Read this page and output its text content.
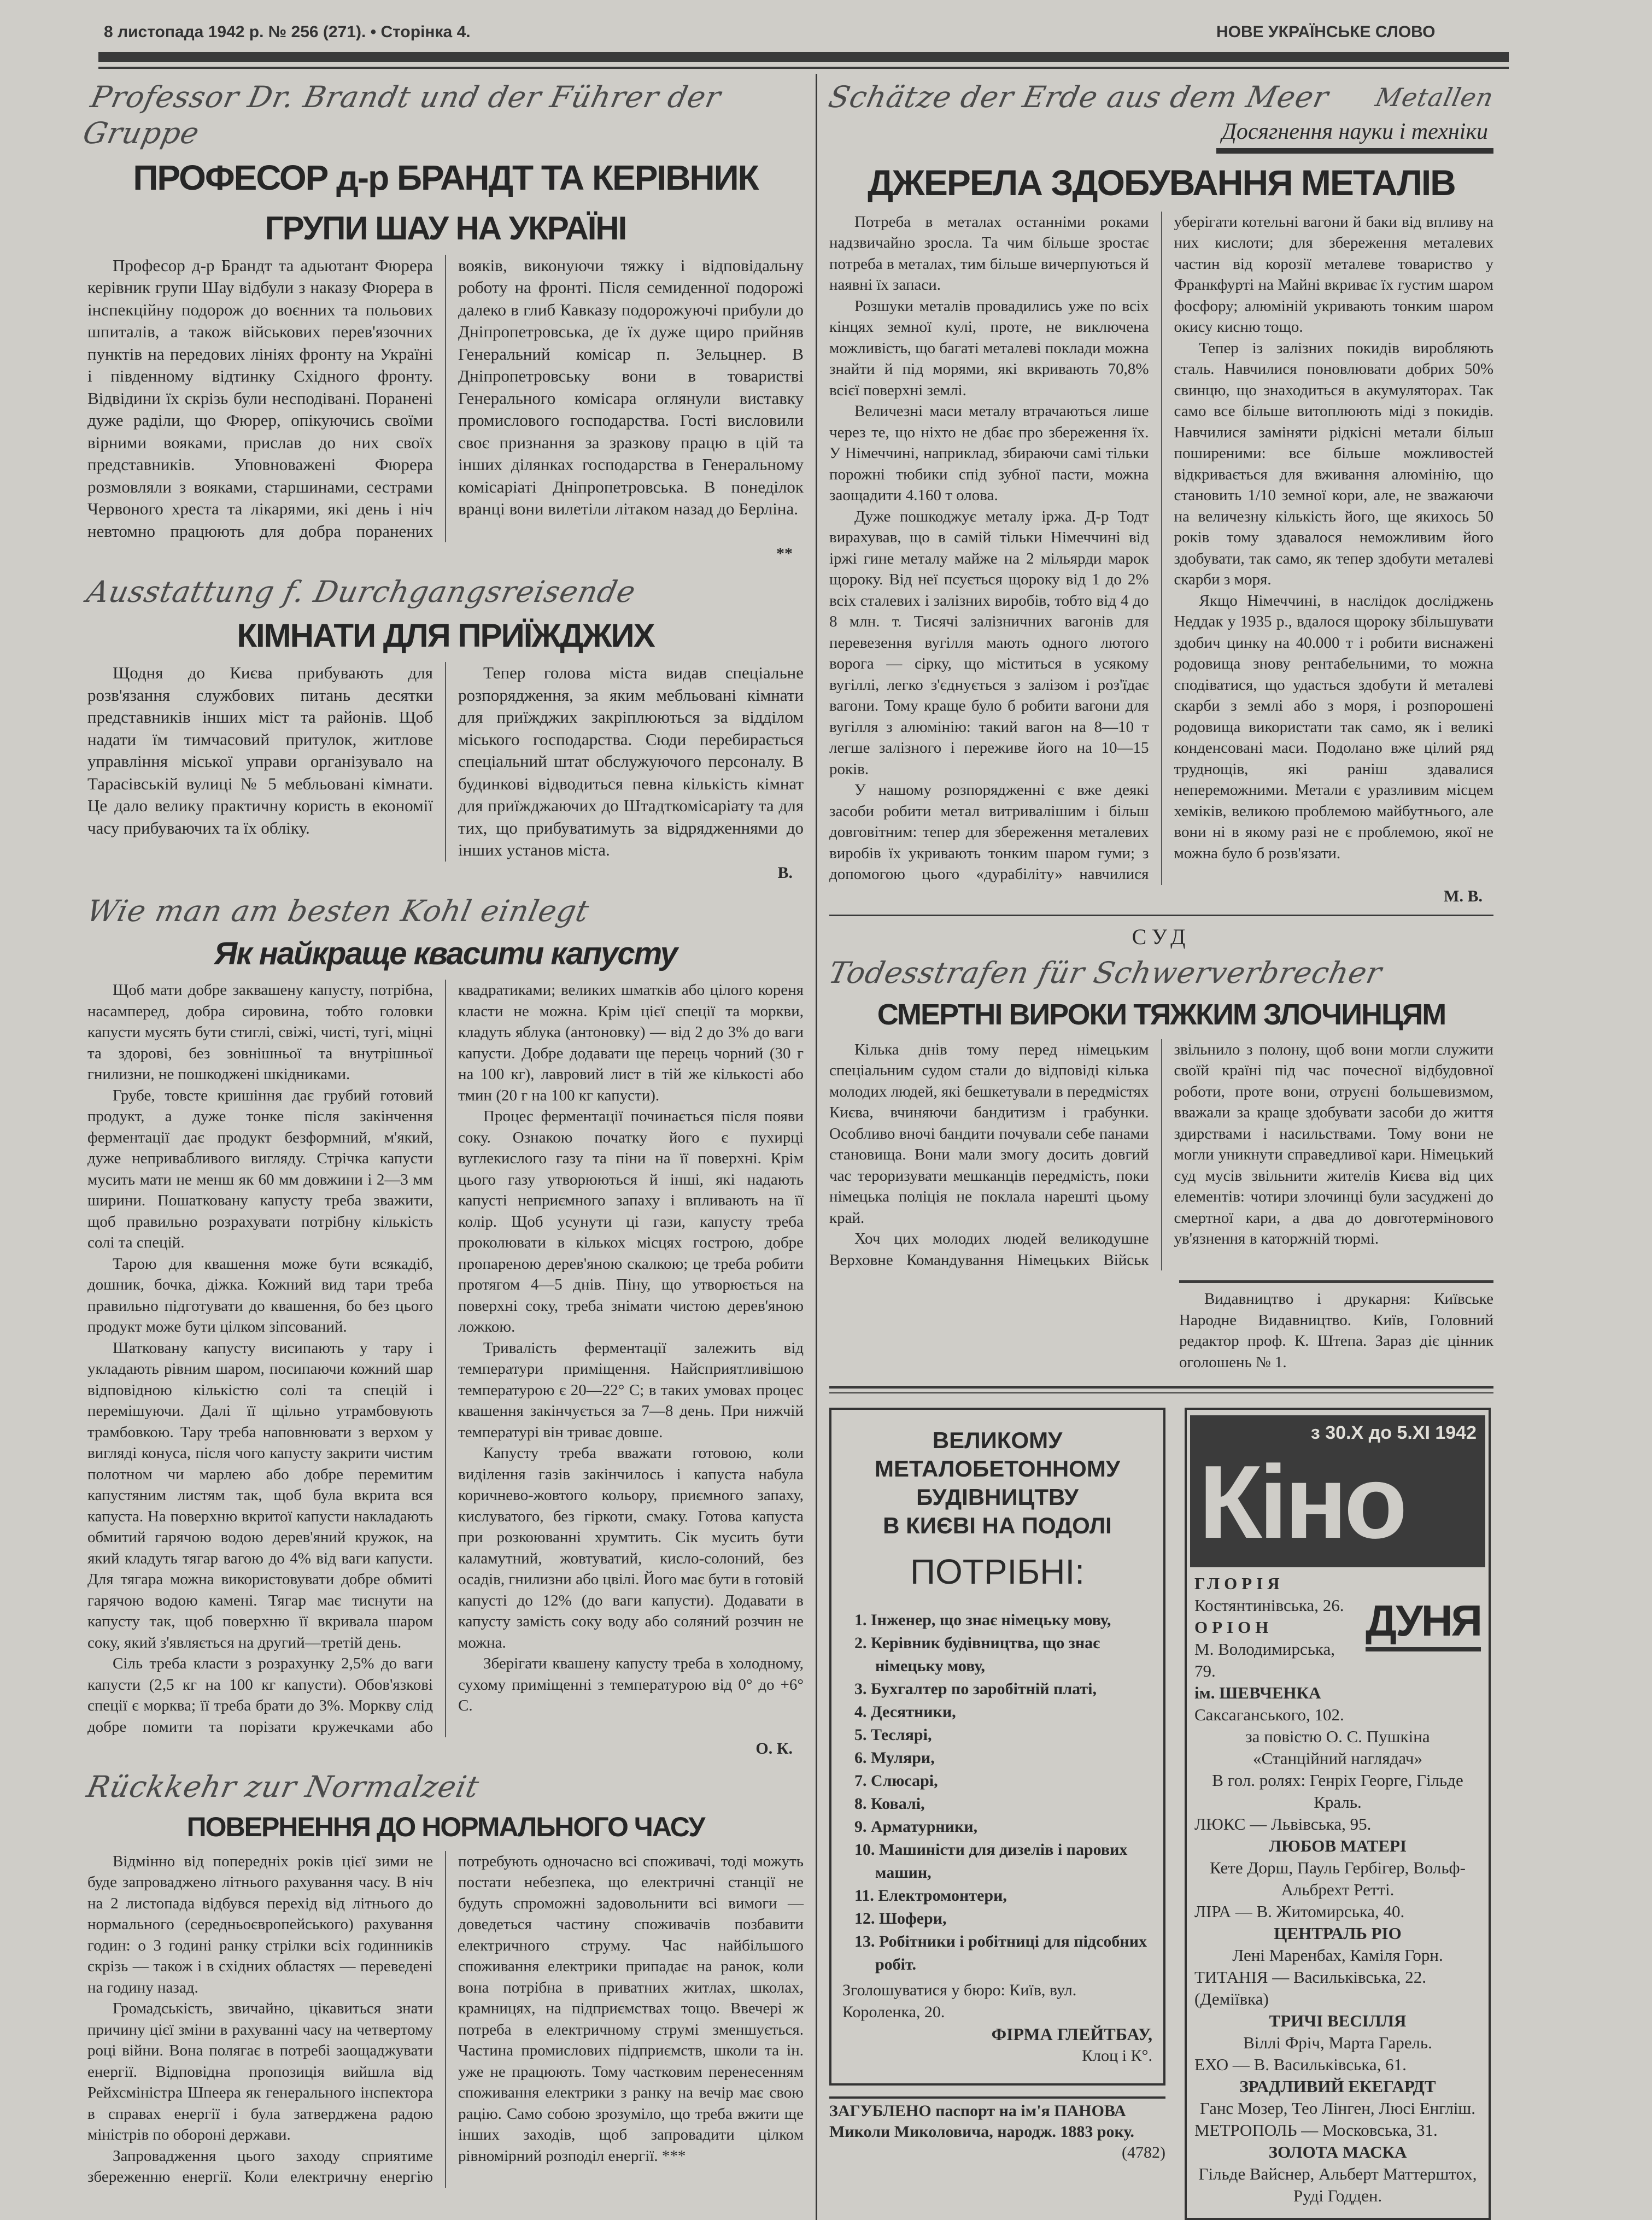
8 листопада 1942 р. № 256 (271). • Сторінка 4.	НОВЕ УКРАЇНСЬКЕ СЛОВО
Professor Dr. Brandt und der Führer der Gruppe
ПРОФЕСОР д-р БРАНДТ ТА КЕРІВНИК
ГРУПИ ШАУ НА УКРАЇНІ

Професор д-р Брандт та адьютант Фюрера керівник групи Шау відбули з наказу Фюрера в інспекційну подорож до воєнних та польових шпиталів, а також військових перев'язочних пунктів на передових лініях фронту на Україні і південному відтинку Східного фронту. Відвідини їх скрізь були несподівані. Поранені дуже раділи, що Фюрер, опікуючись своїми вірними вояками, прислав до них своїх представників. Уповноважені Фюрера розмовляли з вояками, старшинами, сестрами Червоного хреста та лікарями, які день і ніч невтомно працюють для добра поранених вояків, виконуючи тяжку і відповідальну роботу на фронті. Після семиденної подорожі далеко в глиб Кавказу подорожуючі прибули до Дніпропетровська, де їх дуже щиро прийняв Генеральний комісар п. Зельцнер. В Дніпропетровську вони в товаристві Генерального комісара оглянули виставку промислового господарства. Гості висловили своє признання за зразкову працю в цій та інших ділянках господарства в Генеральному комісаріаті Дніпропетровська. В понеділок вранці вони вилетіли літаком назад до Берліна.

**
Ausstattung f. Durchgangsreisende
КІМНАТИ ДЛЯ ПРИЇЖДЖИХ

Щодня до Києва прибувають для розв'язання службових питань десятки представників інших міст та районів. Щоб надати їм тимчасовий притулок, житлове управління міської управи організувало на Тарасівській вулиці № 5 мебльовані кімнати. Це дало велику практичну користь в економії часу прибуваючих та їх обліку.

Тепер голова міста видав спеціальне розпорядження, за яким мебльовані кімнати для приїжджих закріплюються за відділом міського господарства. Сюди перебирається спеціальний штат обслужуючого персоналу. В будинкові відводиться певна кількість кімнат для приїжджаючих до Штадткомісаріату та для тих, що прибуватимуть за відрядженнями до інших установ міста.

В.
Wie man am besten Kohl einlegt
Як найкраще квасити капусту

Щоб мати добре заквашену капусту, потрібна, насамперед, добра сировина, тобто головки капусти мусять бути стиглі, свіжі, чисті, тугі, міцні та здорові, без зовнішньої та внутрішньої гнилизни, не пошкоджені шкідниками.

Грубе, товсте кришіння дає грубий готовий продукт, а дуже тонке після закінчення ферментації дає продукт безформний, м'який, дуже непривабливого вигляду. Стрічка капусти мусить мати не менш як 60 мм довжини і 2—3 мм ширини. Пошатковану капусту треба зважити, щоб правильно розрахувати потрібну кількість солі та спецій.

Тарою для квашення може бути всякадіб, дошник, бочка, діжка. Кожний вид тари треба правильно підготувати до квашення, бо без цього продукт може бути цілком зіпсований.

Шатковану капусту висипають у тару і укладають рівним шаром, посипаючи кожний шар відповідною кількістю солі та спецій і перемішуючи. Далі її щільно утрамбовують трамбовкою. Тару треба наповнювати з верхом у вигляді конуса, після чого капусту закрити чистим полотном чи марлею або добре перемитим капустяним листям так, щоб була вкрита вся капуста. На поверхню вкритої капусти накладають обмитий гарячою водою дерев'яний кружок, на який кладуть тягар вагою до 4% від ваги капусти. Для тягара можна використовувати добре обмиті гарячою водою камені. Тягар має тиснути на капусту так, щоб поверхню її вкривала шаром соку, який з'являється на другий—третій день.

Сіль треба класти з розрахунку 2,5% до ваги капусти (2,5 кг на 100 кг капусти). Обов'язкові спеції є морква; її треба брати до 3%. Моркву слід добре помити та порізати кружечками або квадратиками; великих шматків або цілого кореня класти не можна. Крім цієї спеції та моркви, кладуть яблука (антоновку) — від 2 до 3% до ваги капусти. Добре додавати ще перець чорний (30 г на 100 кг), лавровий лист в тій же кількості або тмин (20 г на 100 кг капусти).

Процес ферментації починається після появи соку. Ознакою початку його є пухирці вуглекислого газу та піни на її поверхні. Крім цього газу утворюються й інші, які надають капусті неприємного запаху і впливають на її колір. Щоб усунути ці гази, капусту треба проколювати в кількох місцях гострою, добре пропареною дерев'яною скалкою; це треба робити протягом 4—5 днів. Піну, що утворюється на поверхні соку, треба знімати чистою дерев'яною ложкою.

Тривалість ферментації залежить від температури приміщення. Найсприятливішою температурою є 20—22° С; в таких умовах процес квашення закінчується за 7—8 день. При нижчій температурі він триває довше.

Капусту треба вважати готовою, коли виділення газів закінчилось і капуста набула коричнево-жовтого кольору, приємного запаху, кислуватого, без гіркоти, смаку. Готова капуста при розкоюванні хрумтить. Сік мусить бути каламутний, жовтуватий, кисло-солоний, без осадів, гнилизни або цвілі. Його має бути в готовій капусті до 12% (до ваги капусти). Додавати в капусту замість соку воду або соляний розчин не можна.

Зберігати квашену капусту треба в холодному, сухому приміщенні з температурою від 0° до +6° С.

О. К.
Rückkehr zur Normalzeit
ПОВЕРНЕННЯ ДО НОРМАЛЬНОГО ЧАСУ

Відмінно від попередніх років цієї зими не буде запроваджено літнього рахування часу. В ніч на 2 листопада відбувся перехід від літнього до нормального (середньоєвропейського) рахування годин: о 3 годині ранку стрілки всіх годинників скрізь — також і в східних областях — переведені на годину назад.

Громадськість, звичайно, цікавиться знати причину цієї зміни в рахуванні часу на четвертому році війни. Вона полягає в потребі заощаджувати енергії. Відповідна пропозиція вийшла від Рейхсміністра Шпеера як генерального інспектора в справах енергії і була затверджена радою міністрів по обороні держави.

Запровадження цього заходу сприятиме збереженню енергії. Коли електричну енергію потребують одночасно всі споживачі, тоді можуть постати небезпека, що електричні станції не будуть спроможні задовольнити всі вимоги — доведеться частину споживачів позбавити електричного струму. Час найбільшого споживання електрики припадає на ранок, коли вона потрібна в приватних житлах, школах, крамницях, на підприємствах тощо. Ввечері ж потреба в електричному струмі зменшується. Частина промислових підприємств, школи та ін. уже не працюють. Тому частковим перенесенням споживання електрики з ранку на вечір має свою рацію. Само собою зрозуміло, що треба вжити ще інших заходів, щоб запровадити цілком рівномірний розподіл енергії. ***

Schätze der Erde aus dem Meer Metallen
Досягнення науки і техніки
ДЖЕРЕЛА ЗДОБУВАННЯ МЕТАЛІВ

Потреба в металах останніми роками надзвичайно зросла. Та чим більше зростає потреба в металах, тим більше вичерпуються й наявні їх запаси.

Розшуки металів провадились уже по всіх кінцях земної кулі, проте, не виключена можливість, що багаті металеві поклади можна знайти й під морями, які вкривають 70,8% всієї поверхні землі.

Величезні маси металу втрачаються лише через те, що ніхто не дбає про збереження їх. У Німеччині, наприклад, збираючи самі тільки порожні тюбики спід зубної пасти, можна заощадити 4.160 т олова.

Дуже пошкоджує металу іржа. Д-р Тодт вирахував, що в самій тільки Німеччині від іржі гине металу майже на 2 мільярди марок щороку. Від неї псується щороку від 1 до 2% всіх сталевих і залізних виробів, тобто від 4 до 8 млн. т. Тисячі залізничних вагонів для перевезення вугілля мають одного лютого ворога — сірку, що міститься в усякому вугіллі, легко з'єднується з залізом і роз'їдає вагони. Тому краще було б робити вагони для вугілля з алюмінію: такий вагон на 8—10 т легше залізного і переживе його на 10—15 років.

У нашому розпорядженні є вже деякі засоби робити метал витривалішим і більш довговітним: тепер для збереження металевих виробів їх укривають тонким шаром гуми; з допомогою цього «дурабіліту» навчилися уберігати котельні вагони й баки від впливу на них кислоти; для збереження металевих частин від корозії металеве товариство у Франкфурті на Майні вкриває їх густим шаром фосфору; алюміній укривають тонким шаром окису кисню тощо.

Тепер із залізних покидів виробляють сталь. Навчилися поновлювати добрих 50% свинцю, що знаходиться в акумуляторах. Так само все більше витоплюють міді з покидів. Навчилися заміняти рідкісні метали більш поширеними: все більше можливостей відкривається для вживання алюмінію, що становить 1/10 земної кори, але, не зважаючи на величезну кількість його, ще якихось 50 років тому здавалося неможливим його здобувати, так само, як тепер здобути металеві скарби з моря.

Якщо Німеччині, в наслідок досліджень Неддак у 1935 р., вдалося щороку збільшувати здобич цинку на 40.000 т і робити виснажені родовища знову рентабельними, то можна сподіватися, що удасться здобути й металеві скарби з землі або з моря, і розпорошені родовища використати так само, як і великі конденсовані маси. Подолано вже цілий ряд труднощів, які раніш здавалися непереможними. Метали є уразливим місцем хеміків, великою проблемою майбутнього, але вони ні в якому разі не є проблемою, якої не можна було б розв'язати.

М. В.
СУД
Todesstrafen für Schwerverbrecher
СМЕРТНІ ВИРОКИ ТЯЖКИМ ЗЛОЧИНЦЯМ

Кілька днів тому перед німецьким спеціальним судом стали до відповіді кілька молодих людей, які бешкетували в передмістях Києва, вчиняючи бандитизм і грабунки. Особливо вночі бандити почували себе панами становища. Вони мали змогу досить довгий час тероризувати мешканців передмість, поки німецька поліція не поклала нарешті цьому край.

Хоч цих молодих людей великодушне Верховне Командування Німецьких Військ звільнило з полону, щоб вони могли служити своїй країні під час почесної відбудовної роботи, проте вони, отруєні большевизмом, вважали за краще здобувати засоби до життя здирствами і насильствами. Тому вони не могли уникнути справедливої кари. Німецький суд мусів звільнити жителів Києва від цих елементів: чотири злочинці були засуджені до смертної кари, а два до довготермінового ув'язнення в каторжній тюрмі.

Видавництво і друкарня: Київське Народне Видавництво. Київ, Головний редактор проф. К. Штепа. Зараз діє цінник оголошень № 1.

ВЕЛИКОМУ

МЕТАЛОБЕТОННОМУ

БУДІВНИЦТВУ

В КИЄВІ НА ПОДОЛІ

ПОТРІБНІ:

1. Інженер, що знає німецьку мову,
2. Керівник будівництва, що знає німецьку мову,
3. Бухгалтер по заробітній платі,
4. Десятники,
5. Теслярі,
6. Муляри,
7. Слюсарі,
8. Ковалі,
9. Арматурники,
10. Машиністи для дизелів і парових машин,
11. Електромонтери,
12. Шофери,
13. Робітники і робітниці для підсобних робіт.

Зголошуватися у бюро: Київ, вул. Короленка, 20.

ФІРМА ГЛЕЙТБАУ,

Клоц і К°.

ЗАГУБЛЕНО паспорт на ім'я ПАНОВА Миколи Миколовича, народж. 1883 року.
(4782)
з 30.X до 5.XI 1942
Кіно
ГЛОРІЯ
Костянтинівська, 26.
ОРІОН
М. Володимирська, 79.
ім. ШЕВЧЕНКА
Саксаганського, 102.
ДУНЯ
за повістю О. С. Пушкіна
«Станційний наглядач»
В гол. ролях: Генріх Георге, Гільде Краль.
ЛЮКС — Львівська, 95.
ЛЮБОВ МАТЕРІ
Кете Дорш, Пауль Гербігер, Вольф-Альбрехт Ретті.
ЛІРА — В. Житомирська, 40.
ЦЕНТРАЛЬ РІО
Лені Маренбах, Каміля Горн.
ТИТАНІЯ — Васильківська, 22. (Деміївка)
ТРИЧІ ВЕСІЛЛЯ
Віллі Фріч, Марта Гарель.
ЕХО — В. Васильківська, 61.
ЗРАДЛИВИЙ ЕКЕГАРДТ
Ганс Мозер, Тео Лінген, Люсі Енглiш.
МЕТРОПОЛЬ — Московська, 31.
ЗОЛОТА МАСКА
Гільде Вайснер, Альберт Маттерштох, Руді Годден.
